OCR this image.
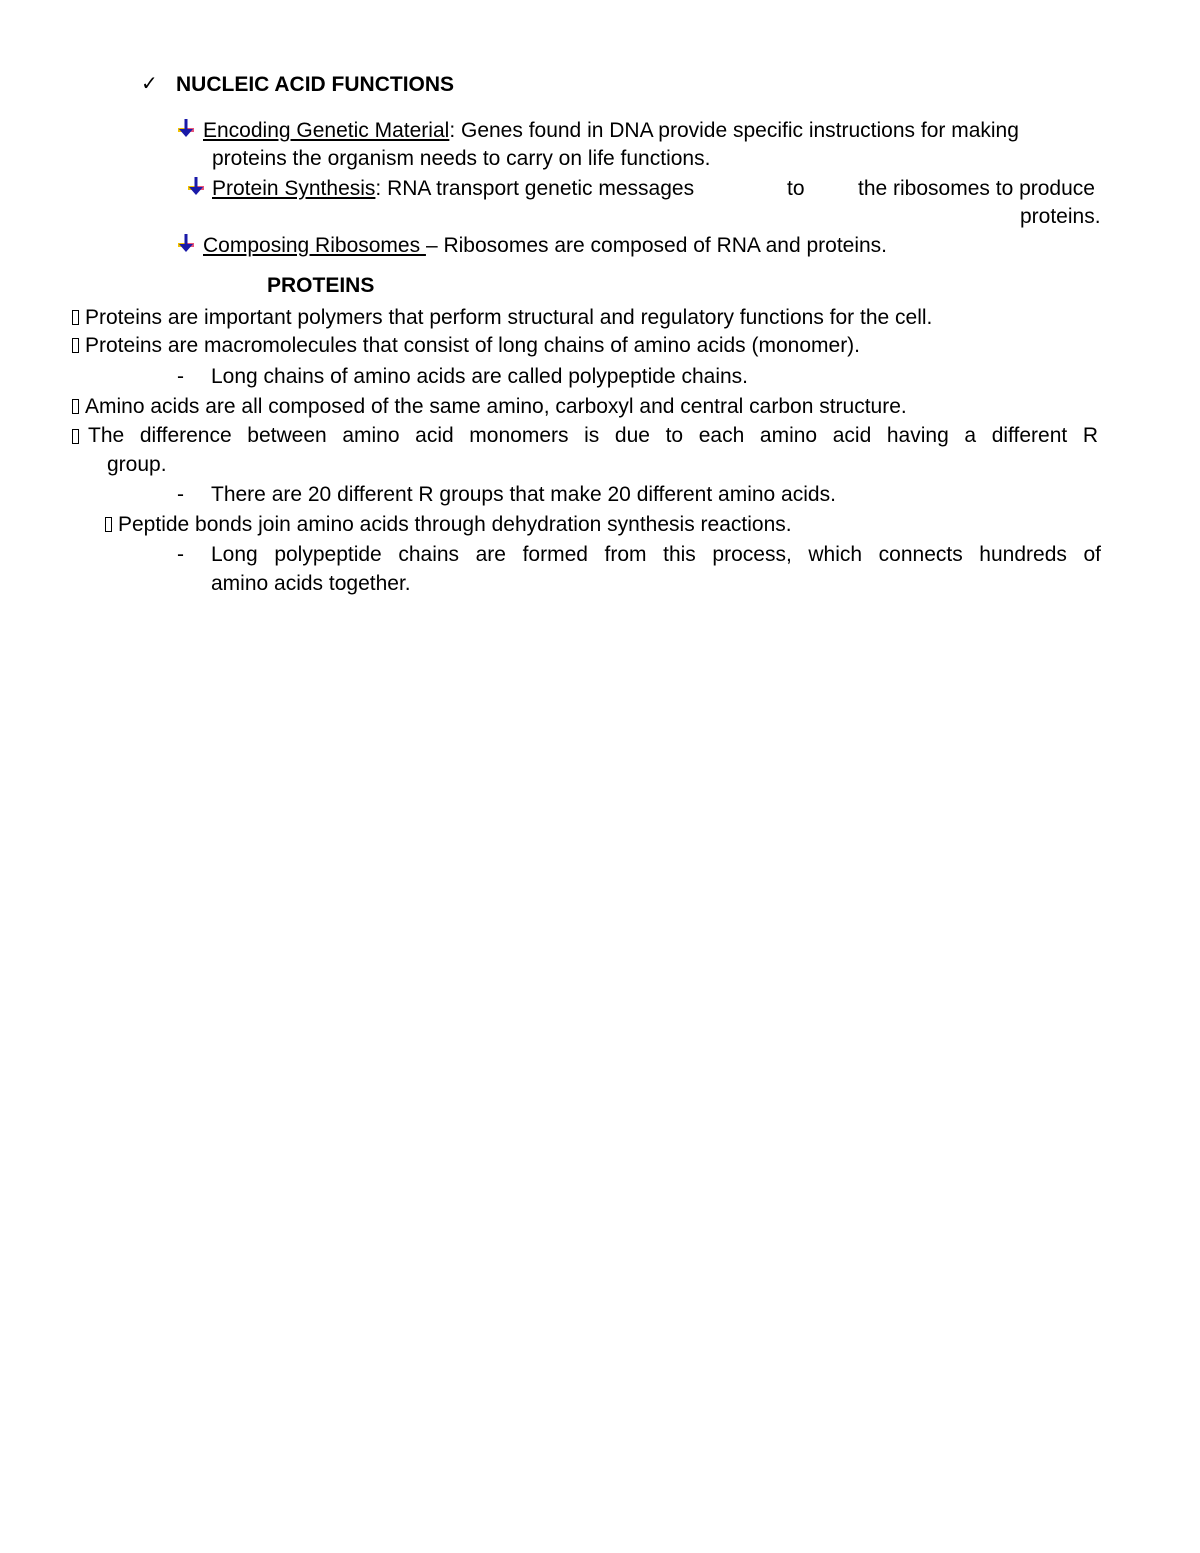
✓ NUCLEIC ACID FUNCTIONS
Encoding Genetic Material: Genes found in DNA provide specific instructions for making
proteins the organism needs to carry on life functions.
Protein Synthesis: RNA transport genetic messages	to	the ribosomes to produce
proteins.
Composing Ribosomes – Ribosomes are composed of RNA and proteins.
PROTEINS
Proteins are important polymers that perform structural and regulatory functions for the cell.
Proteins are macromolecules that consist of long chains of amino acids (monomer).
- Long chains of amino acids are called polypeptide chains.
Amino acids are all composed of the same amino, carboxyl and central carbon structure.
The difference between amino acid monomers is due to each amino acid having a different R
group.
- There are 20 different R groups that make 20 different amino acids.
Peptide bonds join amino acids through dehydration synthesis reactions.
- Long polypeptide chains are formed from this process, which connects hundreds of
amino acids together.
